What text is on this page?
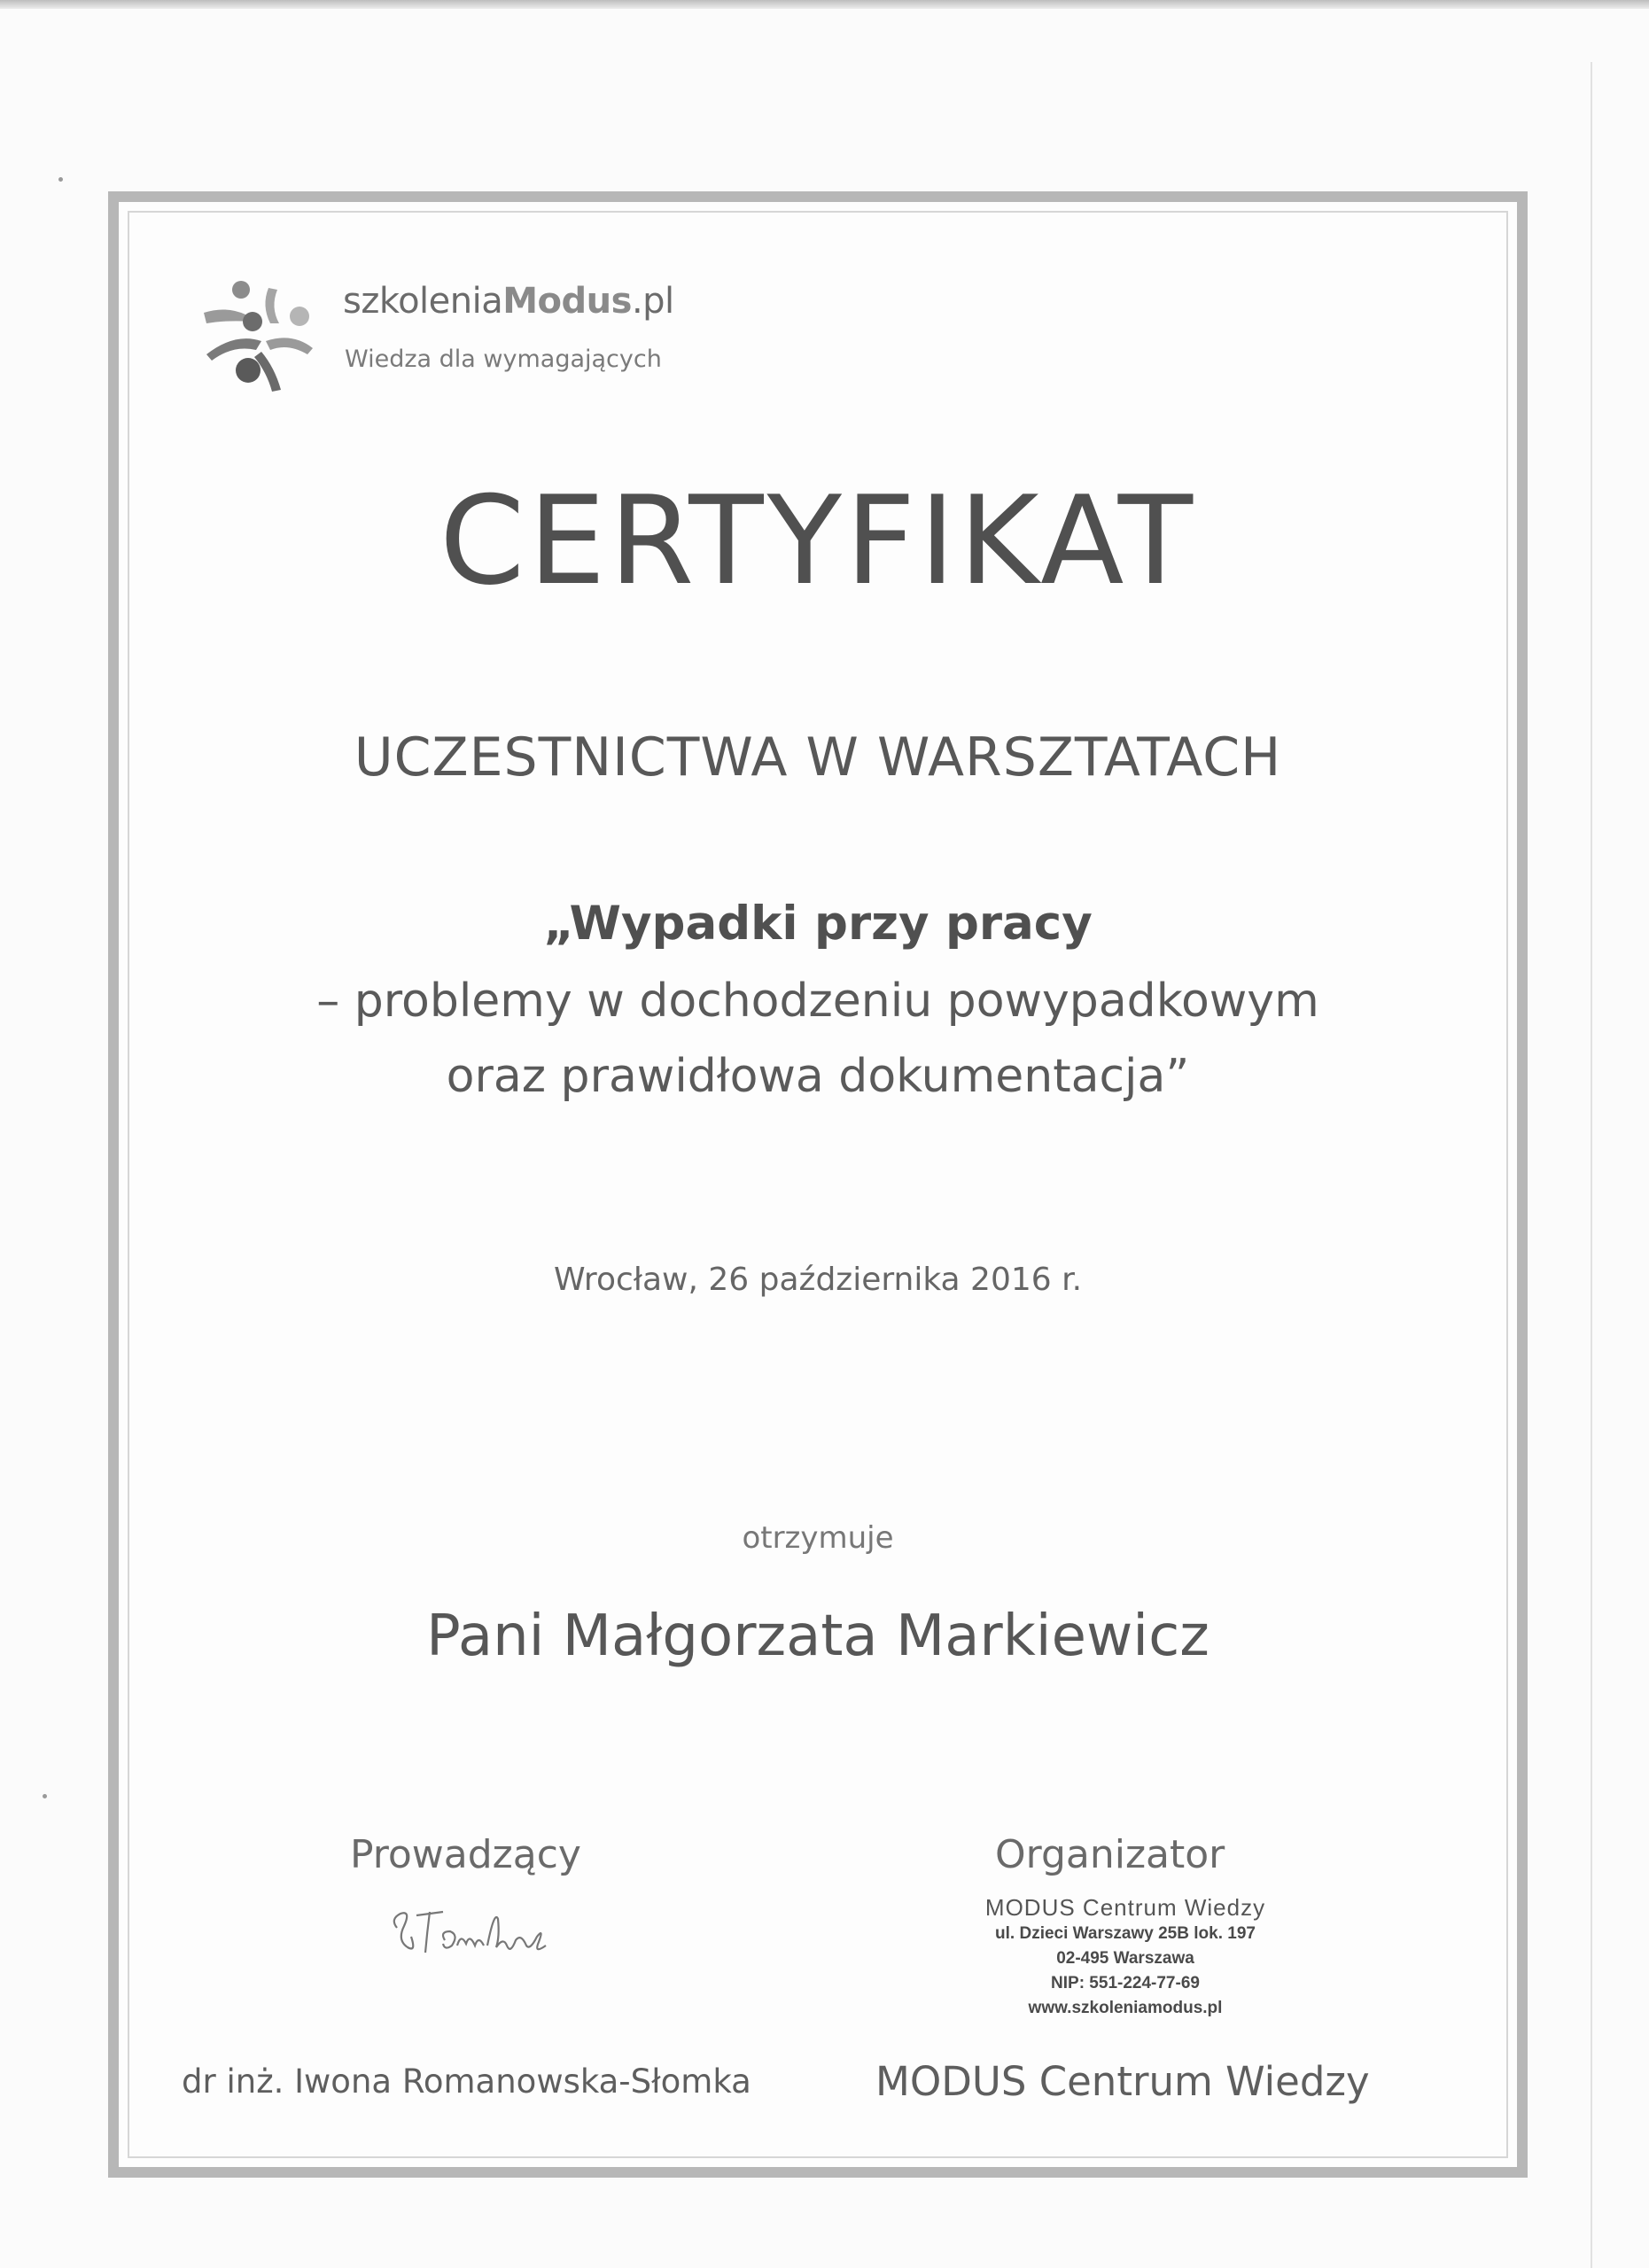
szkoleniaModus.pl
Wiedza dla wymagających
CERTYFIKAT
UCZESTNICTWA W WARSZTATACH
„Wypadki przy pracy
– problemy w dochodzeniu powypadkowym
oraz prawidłowa dokumentacja”
Wrocław, 26 października 2016 r.
otrzymuje
Pani Małgorzata Markiewicz
Prowadzący	Organizator
MODUS Centrum Wiedzy
ul. Dzieci Warszawy 25B lok. 197
02-495 Warszawa
NIP: 551-224-77-69
www.szkoleniamodus.pl
dr inż. Iwona Romanowska-Słomka	MODUS Centrum Wiedzy
